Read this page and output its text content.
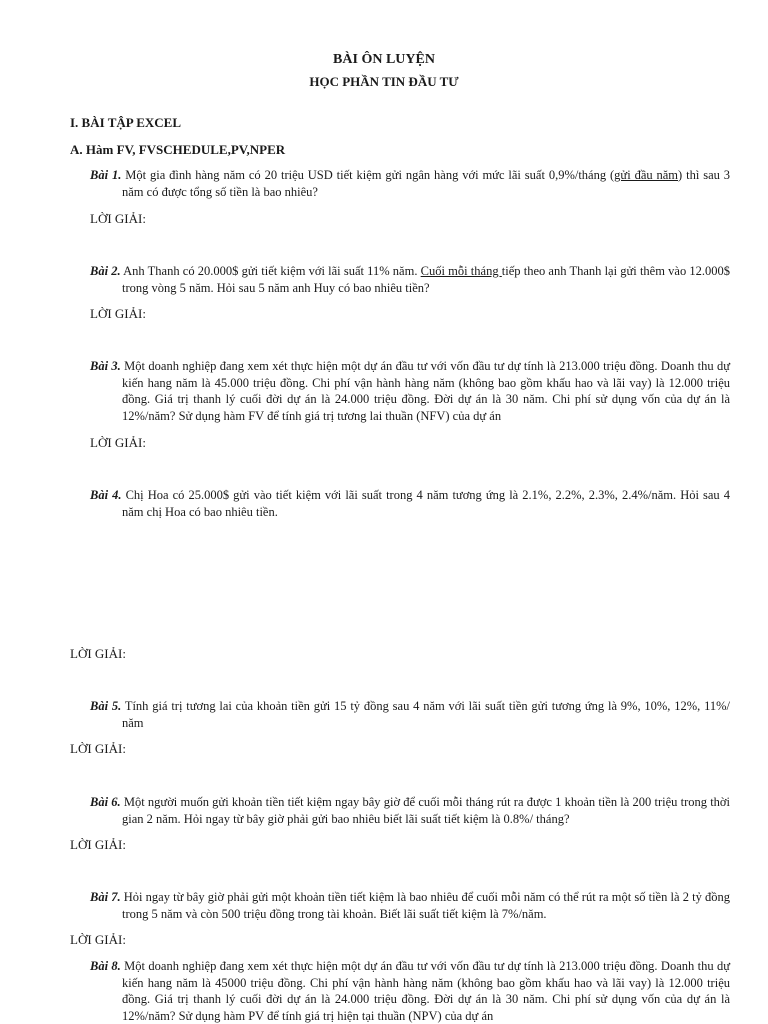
BÀI ÔN LUYỆN
HỌC PHẦN TIN ĐẦU TƯ
I. BÀI TẬP EXCEL
A. Hàm FV, FVSCHEDULE,PV,NPER
Bài 1. Một gia đình hàng năm có 20 triệu USD tiết kiệm gửi ngân hàng với mức lãi suất 0,9%/tháng (gửi đầu năm) thì sau 3 năm có được tổng số tiền là bao nhiêu?
LỜI GIẢI:
Bài 2. Anh Thanh có 20.000$ gửi tiết kiệm với lãi suất 11% năm. Cuối mỗi tháng tiếp theo anh Thanh lại gửi thêm vào 12.000$ trong vòng 5 năm. Hỏi sau 5 năm anh Huy có bao nhiêu tiền?
LỜI GIẢI:
Bài 3. Một doanh nghiệp đang xem xét thực hiện một dự án đầu tư với vốn đầu tư dự tính là 213.000 triệu đồng. Doanh thu dự kiến hang năm là 45.000 triệu đồng. Chi phí vận hành hàng năm (không bao gồm khấu hao và lãi vay) là 12.000 triệu đồng. Giá trị thanh lý cuối đời dự án là 24.000 triệu đồng. Đời dự án là 30 năm. Chi phí sử dụng vốn của dự án là 12%/năm? Sử dụng hàm FV để tính giá trị tương lai thuần (NFV) của dự án
LỜI GIẢI:
Bài 4. Chị Hoa có 25.000$ gửi vào tiết kiệm với lãi suất trong 4 năm tương ứng là 2.1%, 2.2%, 2.3%, 2.4%/năm. Hỏi sau 4 năm chị Hoa có bao nhiêu tiền.
LỜI GIẢI:
Bài 5. Tính giá trị tương lai của khoản tiền gửi 15 tỷ đồng sau 4 năm với lãi suất tiền gửi tương ứng là 9%, 10%, 12%, 11%/ năm
LỜI GIẢI:
Bài 6. Một người muốn gửi khoản tiền tiết kiệm ngay bây giờ để cuối mỗi tháng rút ra được 1 khoản tiền là 200 triệu trong thời gian 2 năm. Hỏi ngay từ bây giờ phải gửi bao nhiêu biết lãi suất tiết kiệm là 0.8%/ tháng?
LỜI GIẢI:
Bài 7. Hỏi ngay từ bây giờ phải gửi một khoản tiền tiết kiệm là bao nhiêu để cuối mỗi năm có thể rút ra một số tiền là 2 tỷ đồng trong 5 năm và còn 500 triệu đồng trong tài khoản. Biết lãi suất tiết kiệm là 7%/năm.
LỜI GIẢI:
Bài 8. Một doanh nghiệp đang xem xét thực hiện một dự án đầu tư với vốn đầu tư dự tính là 213.000 triệu đồng. Doanh thu dự kiến hang năm là 45000 triệu đồng. Chi phí vận hành hàng năm (không bao gồm khấu hao và lãi vay) là 12.000 triệu đồng. Giá trị thanh lý cuối đời dự án là 24.000 triệu đồng. Đời dự án là 30 năm. Chi phí sử dụng vốn của dự án là 12%/năm? Sử dụng hàm PV để tính giá trị hiện tại thuần (NPV) của dự án
